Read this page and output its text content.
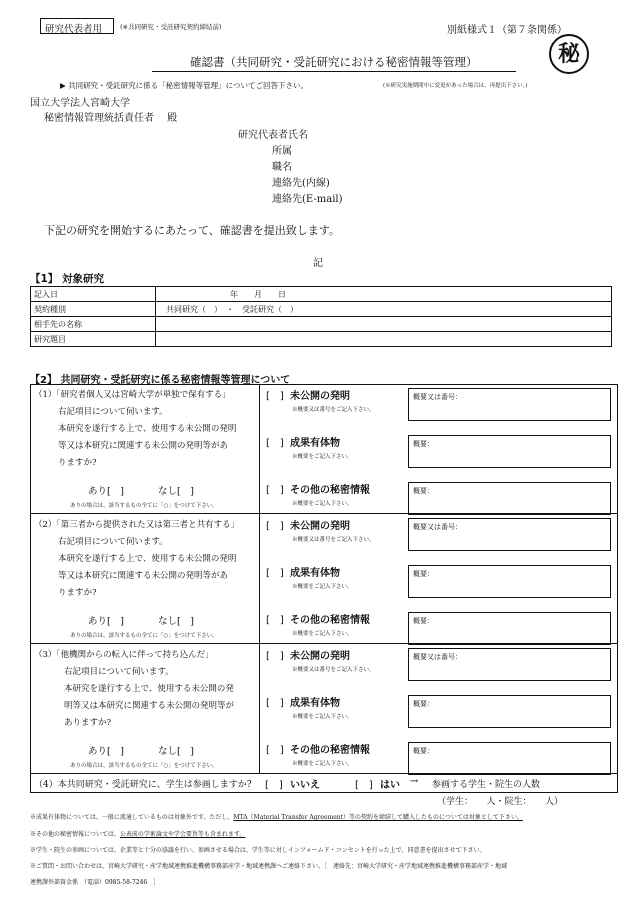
研究代表者用	(※共同研究・受託研究契約締結前)	別紙様式１（第７条関係）
秘
確認書（共同研究・受託研究における秘密情報等管理）
▶ 共同研究・受託研究に係る「秘密情報等管理」についてご回答下さい。	(※研究実施期間中に変更があった場合は、再提出下さい。)
国立大学法人宮崎大学
秘密情報管理統括責任者　 殿
研究代表者氏名
所属
職名
連絡先(内線)
連絡先(E-mail)
下記の研究を開始するにあたって、確認書を提出致します。
記
【1】 対象研究
記入日	年　　月　　日
契約種別	共同研究（　）　・　受託研究（　）
相手先の名称	
研究題目	
【2】 共同研究・受託研究に係る秘密情報等管理について
（1）「研究者個人又は宮崎大学が単独で保有する」
右記項目について伺います。
本研究を遂行する上で、使用する未公開の発明
等又は本研究に関連する未公開の発明等があ
りますか?
あり[　]	なし[　]
ありの場合は、該当するもの全てに「○」をつけて下さい。
[　] 未公開の発明
※概要又は番号をご記入下さい。
概要又は番号：
[　] 成果有体物
※概要をご記入下さい。
概要：
[　] その他の秘密情報
※概要をご記入下さい。
概要：
（2）「第三者から提供された又は第三者と共有する」
右記項目について伺います。
本研究を遂行する上で、使用する未公開の発明
等又は本研究に関連する未公開の発明等があ
りますか?
あり[　]	なし[　]
ありの場合は、該当するもの全てに「○」をつけて下さい。
[　] 未公開の発明
※概要又は番号をご記入下さい。
概要又は番号：
[　] 成果有体物
※概要をご記入下さい。
概要：
[　] その他の秘密情報
※概要をご記入下さい。
概要：
（3）「他機関からの転入に伴って持ち込んだ」
右記項目について伺います。
本研究を遂行する上で、使用する未公開の発
明等又は本研究に関連する未公開の発明等が
ありますか?
あり[　]	なし[　]
ありの場合は、該当するもの全てに「○」をつけて下さい。
[　] 未公開の発明
※概要又は番号をご記入下さい。
概要又は番号：
[　] 成果有体物
※概要をご記入下さい。
概要：
[　] その他の秘密情報
※概要をご記入下さい。
概要：
（4）本共同研究・受託研究に、学生は参画しますか? [　] いいえ	[　] はい → 参画する学生・院生の人数
（学生：　　人・院生：　　人）
※成果有体物については、一般に流通しているものは対象外です。ただし、MTA（Material Transfer Agreement）等の契約を締結して購入したものについては対象として下さい。
※その他の秘密情報については、公表前の学術論文や学会要旨等も含まれます。
※学生・院生の参画については、企業等と十分の協議を行い、参画させる場合は、学生等に対しインフォームド・コンセントを行った上で、同意書を提出させて下さい。
※ご質問・お問い合わせは、宮崎大学研究・産学地域連携推進機構事務部産学・地域連携課へご連絡下さい。［　連絡先：宮崎大学研究・産学地域連携推進機構事務部産学・地域
連携課外部資金係　（電話）0985-58-7246　］
